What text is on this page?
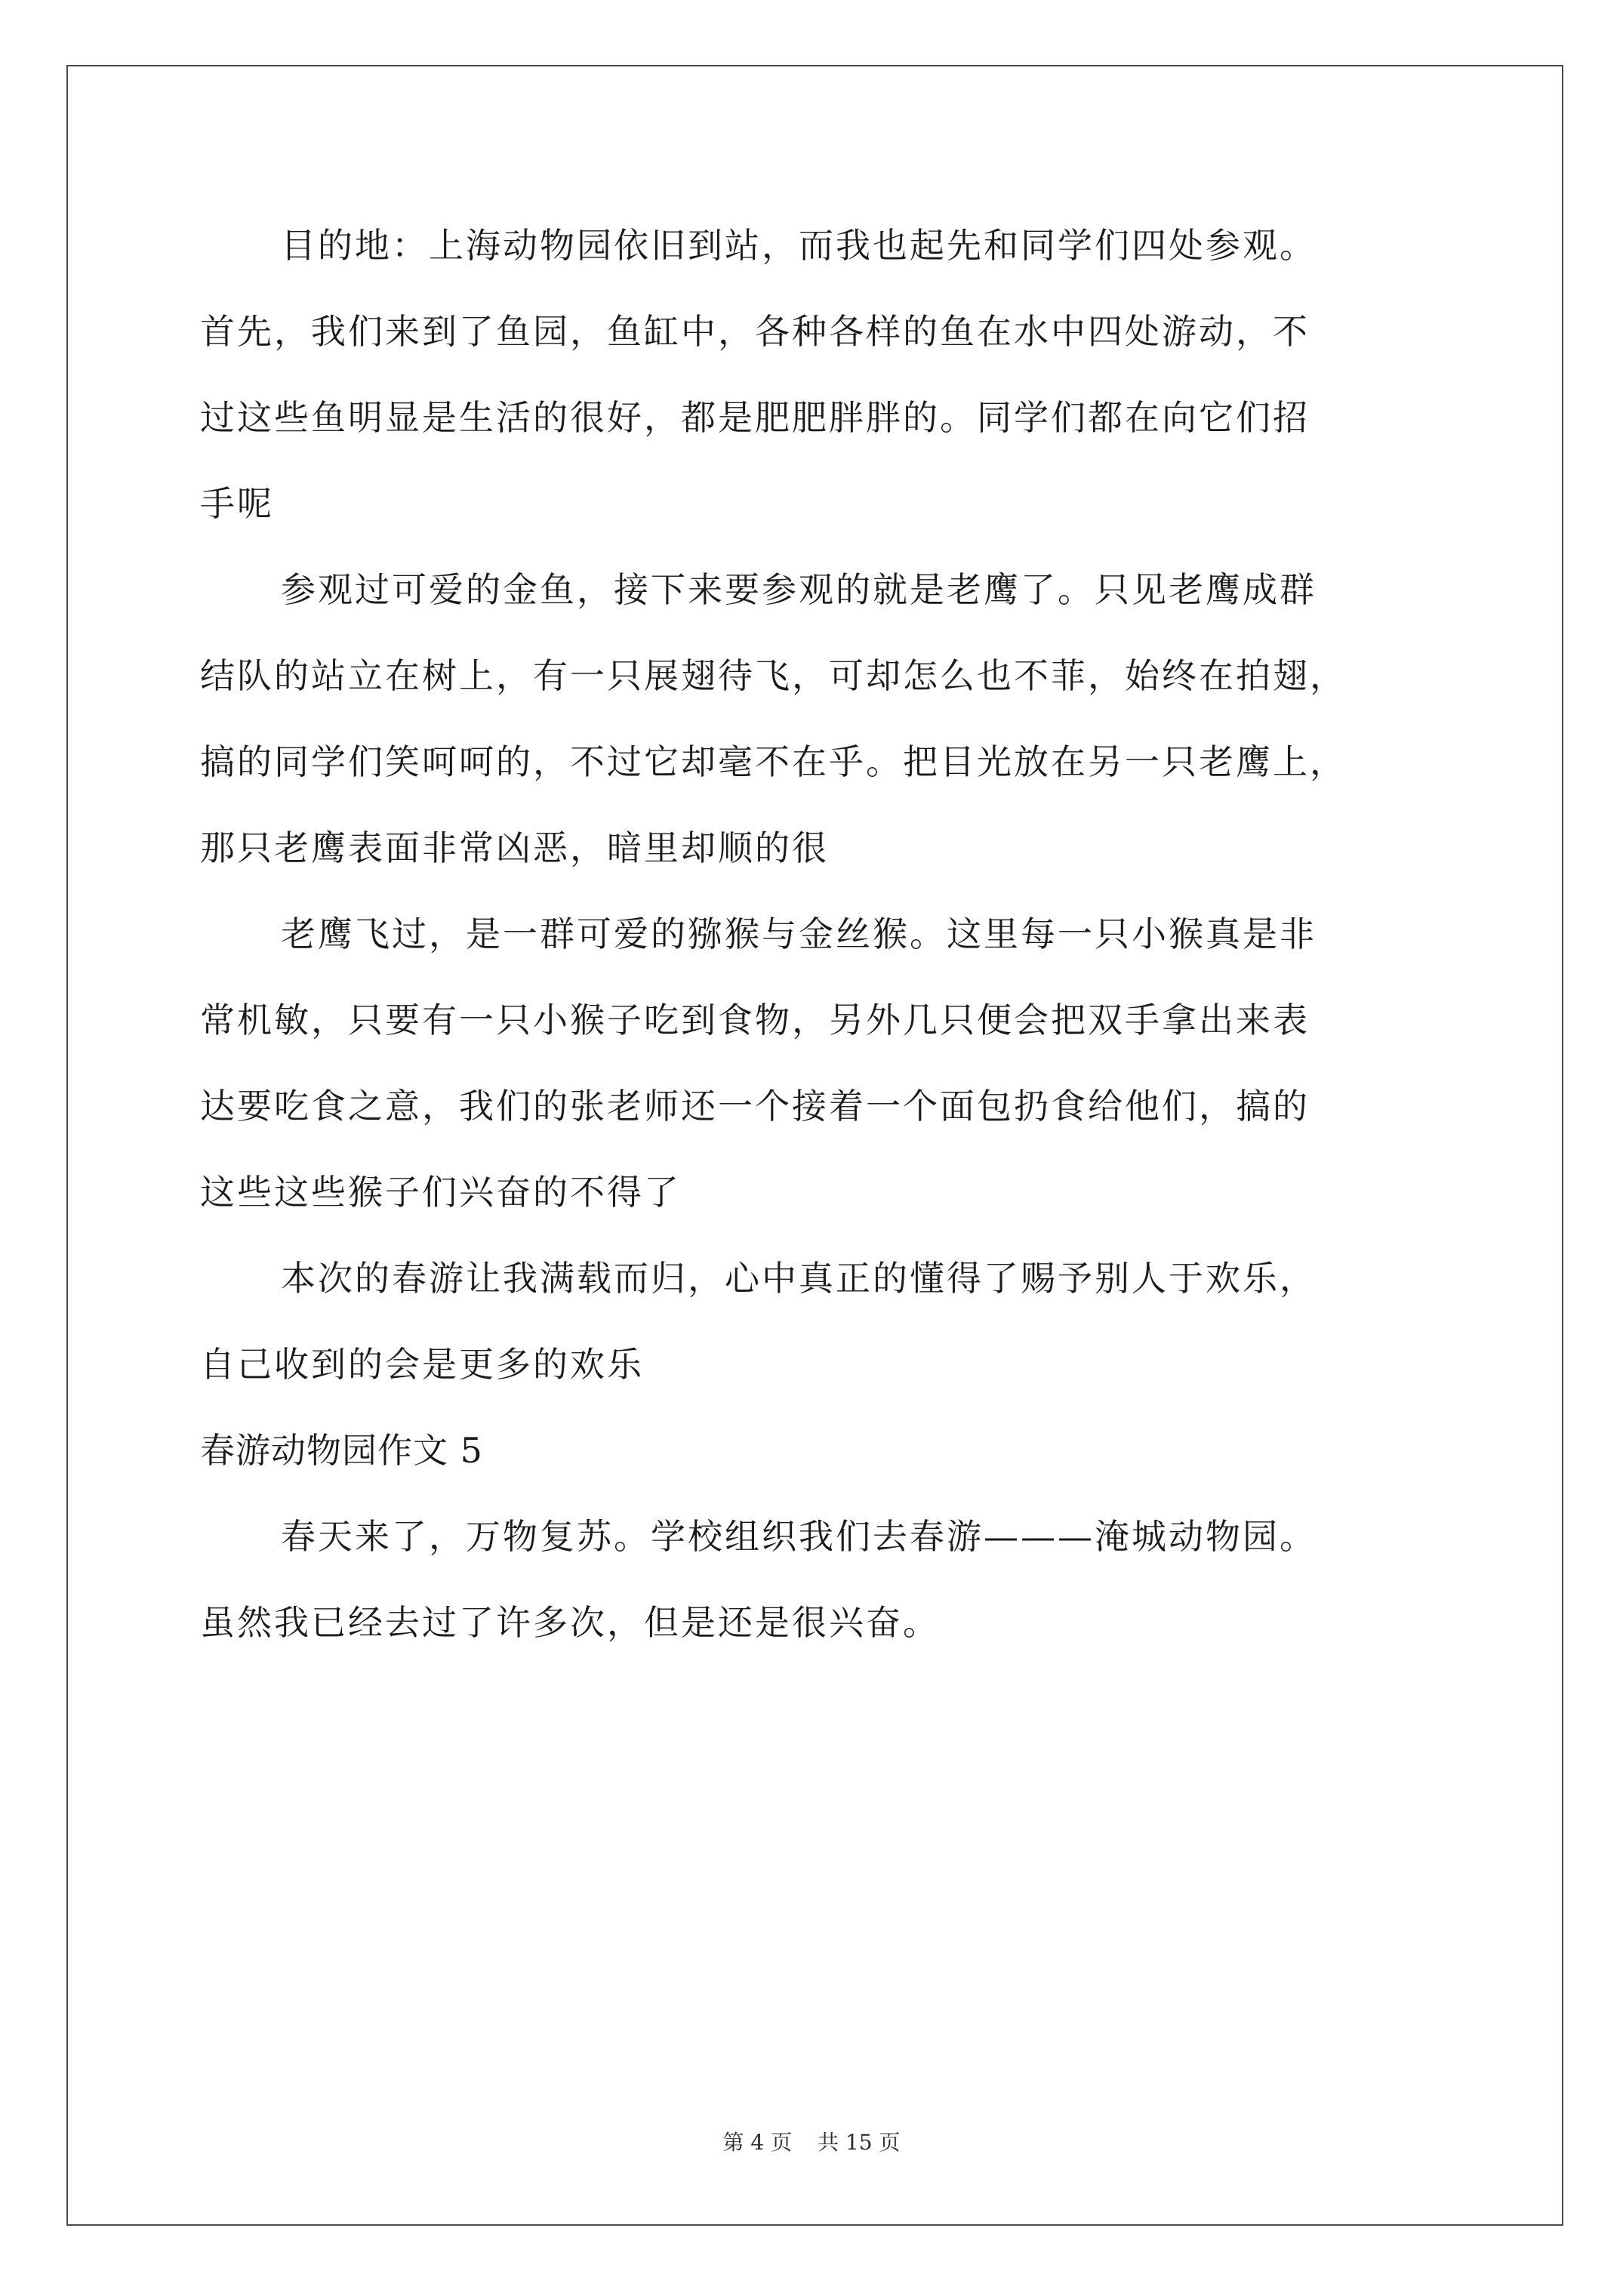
目的地：上海动物园依旧到站，而我也起先和同学们四处参观。
首先，我们来到了鱼园，鱼缸中，各种各样的鱼在水中四处游动，不
过这些鱼明显是生活的很好，都是肥肥胖胖的。同学们都在向它们招
手呢
参观过可爱的金鱼，接下来要参观的就是老鹰了。只见老鹰成群
结队的站立在树上，有一只展翅待飞，可却怎么也不菲，始终在拍翅，
搞的同学们笑呵呵的，不过它却毫不在乎。把目光放在另一只老鹰上，
那只老鹰表面非常凶恶，暗里却顺的很
老鹰飞过，是一群可爱的猕猴与金丝猴。这里每一只小猴真是非
常机敏，只要有一只小猴子吃到食物，另外几只便会把双手拿出来表
达要吃食之意，我们的张老师还一个接着一个面包扔食给他们，搞的
这些这些猴子们兴奋的不得了
本次的春游让我满载而归，心中真正的懂得了赐予别人于欢乐，
自己收到的会是更多的欢乐
春游动物园作文 5
春天来了，万物复苏。学校组织我们去春游———淹城动物园。
虽然我已经去过了许多次，但是还是很兴奋。
第 4 页 共 15 页
